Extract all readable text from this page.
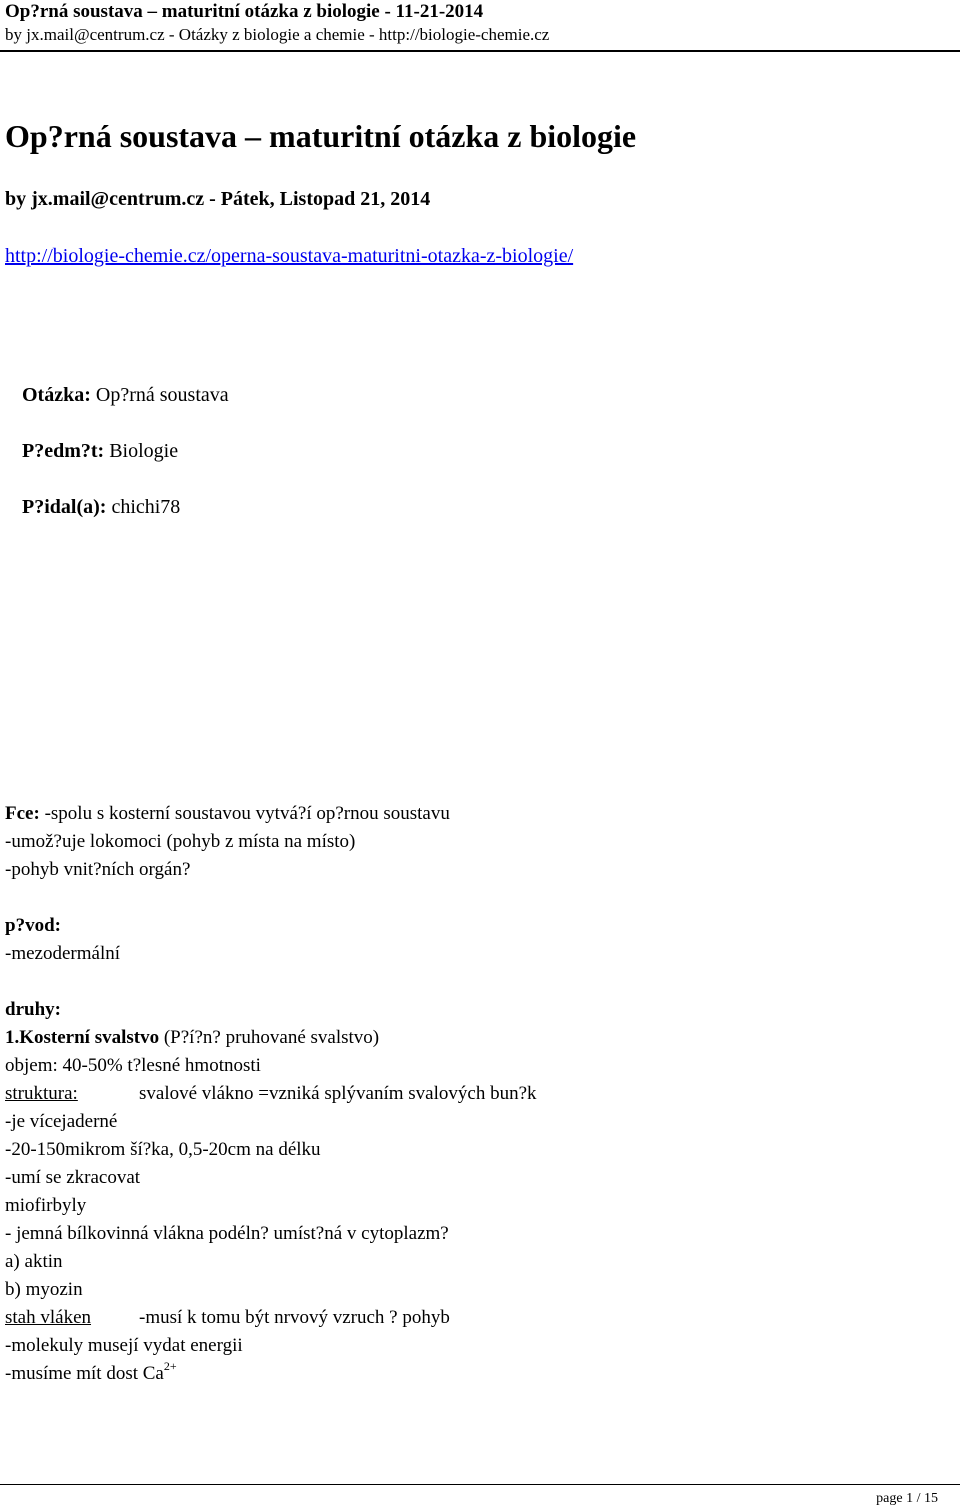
Op?rná soustava – maturitní otázka z biologie - 11-21-2014
by jx.mail@centrum.cz - Otázky z biologie a chemie - http://biologie-chemie.cz
Op?rná soustava – maturitní otázka z biologie
by jx.mail@centrum.cz - Pátek, Listopad 21, 2014
http://biologie-chemie.cz/operna-soustava-maturitni-otazka-z-biologie/
Otázka: Op?rná soustava
P?edm?t: Biologie
P?idal(a): chichi78
Fce: -spolu s kosterní soustavou vytvá?í op?rnou soustavu
-umož?uje lokomoci (pohyb z místa na místo)
-pohyb vnit?ních orgán?
p?vod:
-mezodermální
druhy:
1.Kosterní svalstvo (P?í?n? pruhované svalstvo)
objem: 40-50% t?lesné hmotnosti
struktura:	svalové vlákno =vzniká splývaním svalových bun?k
-je vícejaderné
-20-150mikrom ší?ka, 0,5-20cm na délku
-umí se zkracovat
miofirbyly
- jemná bílkovinná vlákna podéln? umíst?ná v cytoplazm?
a) aktin
b) myozin
stah vláken	-musí k tomu být nrvový vzruch ? pohyb
-molekuly musejí vydat energii
-musíme mít dost $Ca^{2+}$
page 1 / 15
